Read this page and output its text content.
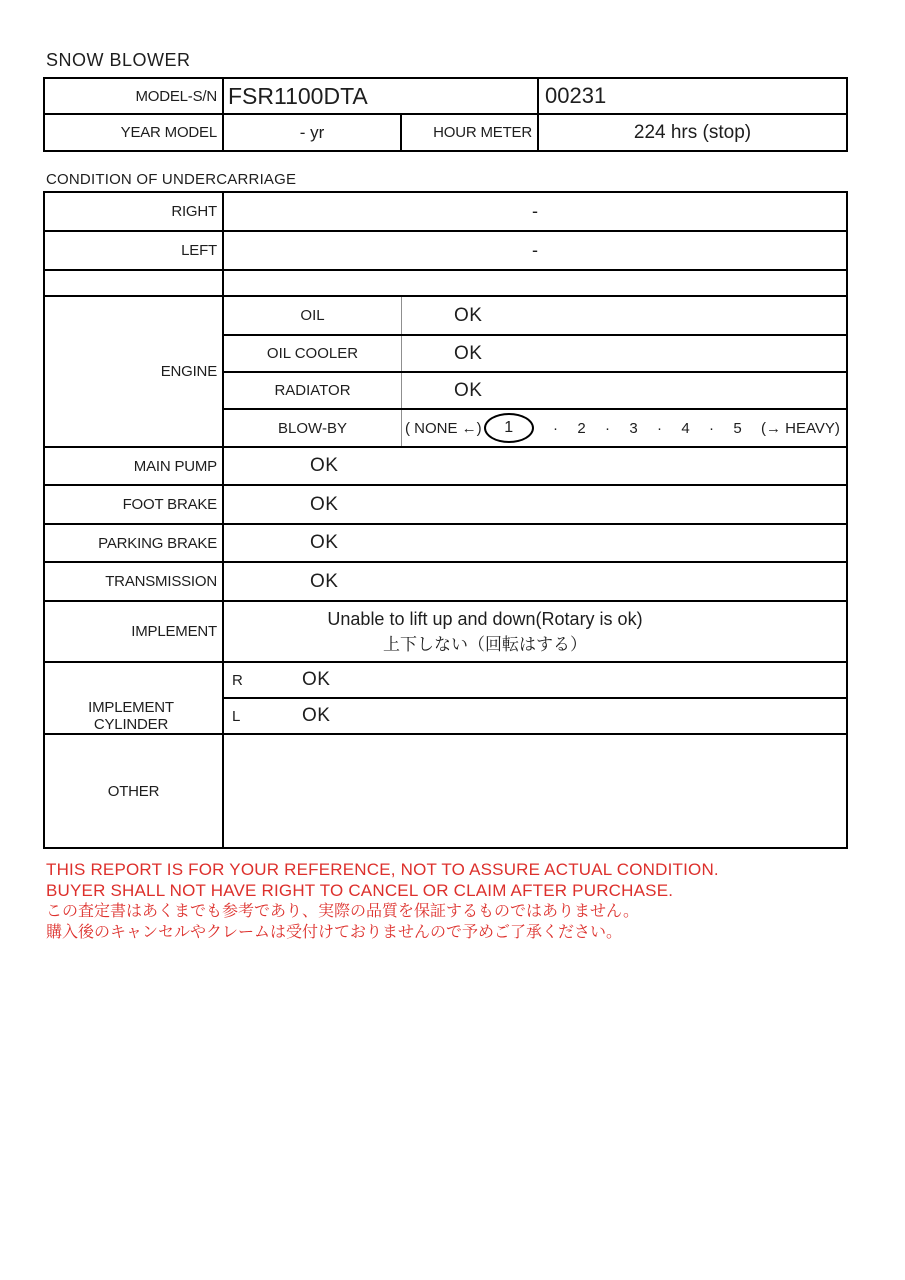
SNOW BLOWER
MODEL-S/N FSR1100DTA	00231
YEAR MODEL	- yr	HOUR METER	224 hrs (stop)
CONDITION OF UNDERCARRIAGE
RIGHT	-
LEFT	-
ENGINE
OIL	OK
OIL COOLER	OK
RADIATOR	OK
BLOW-BY	( NONE ←)	1	· 2 · 3 · 4 · 5 (→ HEAVY)
MAIN PUMP	OK
FOOT BRAKE	OK
PARKING BRAKE	OK
TRANSMISSION	OK
IMPLEMENT
Unable to lift up and down(Rotary is ok)
上下しない（回転はする）
IMPLEMENT
CYLINDER
R	OK
L	OK
OTHER
THIS REPORT IS FOR YOUR REFERENCE, NOT TO ASSURE ACTUAL CONDITION.
BUYER SHALL NOT HAVE RIGHT TO CANCEL OR CLAIM AFTER PURCHASE.
この査定書はあくまでも参考であり、実際の品質を保証するものではありません。
購入後のキャンセルやクレームは受付けておりませんので予めご了承ください。
